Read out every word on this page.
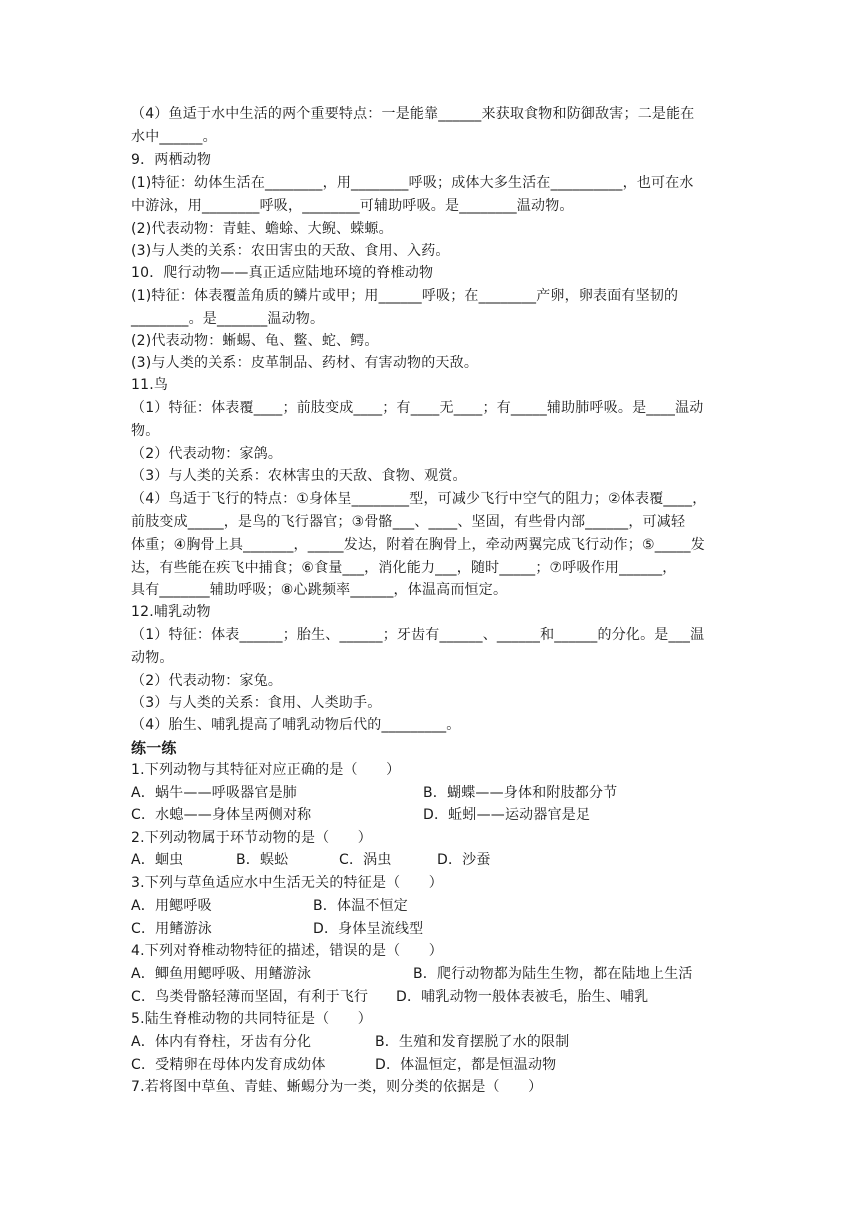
（4）鱼适于水中生活的两个重要特点：一是能靠______来获取食物和防御敌害；二是能在
水中______。
9．两栖动物
(1)特征：幼体生活在________，用________呼吸；成体大多生活在__________，也可在水
中游泳，用________呼吸，________可辅助呼吸。是________温动物。
(2)代表动物：青蛙、蟾蜍、大鲵、蝾螈。
(3)与人类的关系：农田害虫的天敌、食用、入药。
10．爬行动物——真正适应陆地环境的脊椎动物
(1)特征：体表覆盖角质的鳞片或甲；用______呼吸；在________产卵，卵表面有坚韧的
________。是_______温动物。
(2)代表动物：蜥蜴、龟、鳖、蛇、鳄。
(3)与人类的关系：皮革制品、药材、有害动物的天敌。
11.鸟
（1）特征：体表覆____；前肢变成____；有____无____；有_____辅助肺呼吸。是____温动
物。
（2）代表动物：家鸽。
（3）与人类的关系：农林害虫的天敌、食物、观赏。
（4）鸟适于飞行的特点：①身体呈________型，可减少飞行中空气的阻力；②体表覆____，
前肢变成_____，是鸟的飞行器官；③骨骼___、____、坚固，有些骨内部______，可减轻
体重；④胸骨上具_______，_____发达，附着在胸骨上，牵动两翼完成飞行动作；⑤_____发
达，有些能在疾飞中捕食；⑥食量___，消化能力___，随时_____；⑦呼吸作用______，
具有_______辅助呼吸；⑧心跳频率______，体温高而恒定。
12.哺乳动物
（1）特征：体表______；胎生、______；牙齿有______、______和______的分化。是___温
动物。
（2）代表动物：家兔。
（3）与人类的关系：食用、人类助手。
（4）胎生、哺乳提高了哺乳动物后代的_________。
练一练
1.下列动物与其特征对应正确的是（　　）
A．蜗牛——呼吸器官是肺	B．蝴蝶——身体和附肢都分节
C．水螅——身体呈两侧对称	D．蚯蚓——运动器官是足
2.下列动物属于环节动物的是（　　）
A．蛔虫	B．蜈蚣	C．涡虫	D．沙蚕
3.下列与草鱼适应水中生活无关的特征是（　　）
A．用鳃呼吸	B．体温不恒定
C．用鳍游泳	D．身体呈流线型
4.下列对脊椎动物特征的描述，错误的是（　　）
A．鲫鱼用鳃呼吸、用鳍游泳	B．爬行动物都为陆生生物，都在陆地上生活
C．鸟类骨骼轻薄而坚固，有利于飞行 D．哺乳动物一般体表被毛，胎生、哺乳
5.陆生脊椎动物的共同特征是（　　）
A．体内有脊柱，牙齿有分化	B．生殖和发育摆脱了水的限制
C．受精卵在母体内发育成幼体	D．体温恒定，都是恒温动物
7.若将图中草鱼、青蛙、蜥蜴分为一类，则分类的依据是（　　）
